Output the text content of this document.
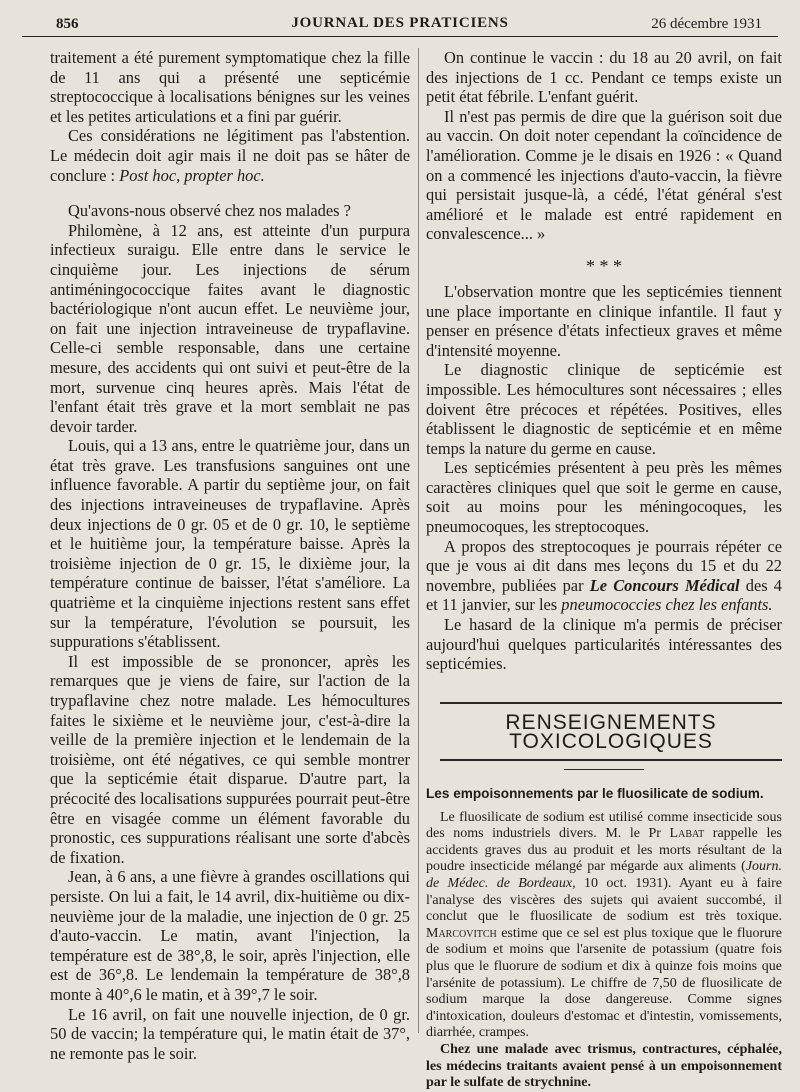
856	JOURNAL DES PRATICIENS	26 décembre 1931

traitement a été purement symptomatique chez la fille de 11 ans qui a présenté une septicémie streptococcique à localisations bénignes sur les veines et les petites articulations et a fini par guérir.

Ces considérations ne légitiment pas l'abstention. Le médecin doit agir mais il ne doit pas se hâter de conclure : Post hoc, propter hoc.

Qu'avons-nous observé chez nos malades ?

Philomène, à 12 ans, est atteinte d'un purpura infectieux suraigu. Elle entre dans le service le cinquième jour. Les injections de sérum antiméningococcique faites avant le diagnostic bactériologique n'ont aucun effet. Le neuvième jour, on fait une injection intraveineuse de trypaflavine. Celle-ci semble responsable, dans une certaine mesure, des accidents qui ont suivi et peut-être de la mort, survenue cinq heures après. Mais l'état de l'enfant était très grave et la mort semblait ne pas devoir tarder.

Louis, qui a 13 ans, entre le quatrième jour, dans un état très grave. Les transfusions sanguines ont une influence favorable. A partir du septième jour, on fait des injections intraveineuses de trypaflavine. Après deux injections de 0 gr. 05 et de 0 gr. 10, le septième et le huitième jour, la température baisse. Après la troisième injection de 0 gr. 15, le dixième jour, la température continue de baisser, l'état s'améliore. La quatrième et la cinquième injections restent sans effet sur la température, l'évolution se poursuit, les suppurations s'établissent.

Il est impossible de se prononcer, après les remarques que je viens de faire, sur l'action de la trypaflavine chez notre malade. Les hémocultures faites le sixième et le neuvième jour, c'est-à-dire la veille de la première injection et le lendemain de la troisième, ont été négatives, ce qui semble montrer que la septicémie était disparue. D'autre part, la précocité des localisations suppurées pourrait peut-être être en visagée comme un élément favorable du pronostic, ces suppurations réalisant une sorte d'abcès de fixation.

Jean, à 6 ans, a une fièvre à grandes oscillations qui persiste. On lui a fait, le 14 avril, dix-huitième ou dix-neuvième jour de la maladie, une injection de 0 gr. 25 d'auto-vaccin. Le matin, avant l'injection, la température est de 38°,8, le soir, après l'injection, elle est de 36°,8. Le lendemain la température de 38°,8 monte à 40°,6 le matin, et à 39°,7 le soir.

Le 16 avril, on fait une nouvelle injection, de 0 gr. 50 de vaccin; la température qui, le matin était de 37°, ne remonte pas le soir.

On continue le vaccin : du 18 au 20 avril, on fait des injections de 1 cc. Pendant ce temps existe un petit état fébrile. L'enfant guérit.

Il n'est pas permis de dire que la guérison soit due au vaccin. On doit noter cependant la coïncidence de l'amélioration. Comme je le disais en 1926 : « Quand on a commencé les injections d'auto-vaccin, la fièvre qui persistait jusque-là, a cédé, l'état général s'est amélioré et le malade est entré rapidement en convalescence... »

* * *

L'observation montre que les septicémies tiennent une place importante en clinique infantile. Il faut y penser en présence d'états infectieux graves et même d'intensité moyenne.

Le diagnostic clinique de septicémie est impossible. Les hémocultures sont nécessaires ; elles doivent être précoces et répétées. Positives, elles établissent le diagnostic de septicémie et en même temps la nature du germe en cause.

Les septicémies présentent à peu près les mêmes caractères cliniques quel que soit le germe en cause, soit au moins pour les méningocoques, les pneumocoques, les streptocoques.

A propos des streptocoques je pourrais répéter ce que je vous ai dit dans mes leçons du 15 et du 22 novembre, publiées par Le Concours Médical des 4 et 11 janvier, sur les pneumococcies chez les enfants.

Le hasard de la clinique m'a permis de préciser aujourd'hui quelques particularités intéressantes des septicémies.

RENSEIGNEMENTS TOXICOLOGIQUES
Les empoisonnements par le fluosilicate de sodium.

Le fluosilicate de sodium est utilisé comme insecticide sous des noms industriels divers. M. le Pr Labat rappelle les accidents graves dus au produit et les morts résultant de la poudre insecticide mélangé par mégarde aux aliments (Journ. de Médec. de Bordeaux, 10 oct. 1931). Ayant eu à faire l'analyse des viscères des sujets qui avaient succombé, il conclut que le fluosilicate de sodium est très toxique. Marcovitch estime que ce sel est plus toxique que le fluorure de sodium et moins que l'arsenite de potassium (quatre fois plus que le fluorure de sodium et dix à quinze fois moins que l'arsénite de potassium). Le chiffre de 7,50 de fluosilicate de sodium marque la dose dangereuse. Comme signes d'intoxication, douleurs d'estomac et d'intestin, vomissements, diarrhée, crampes.

Chez une malade avec trismus, contractures, céphalée, les médecins traitants avaient pensé à un empoisonnement par le sulfate de strychnine.
